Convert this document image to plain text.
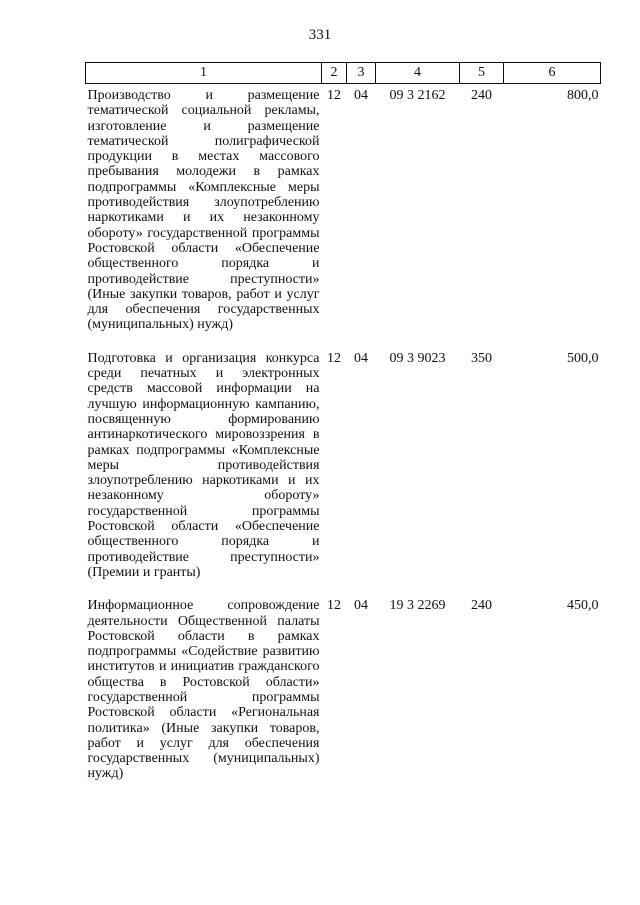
331
1	2	3	4	5	6
Производство и размещение тематической социальной рекламы, изготовление и размещение тематической полиграфической продукции в местах массового пребывания молодежи в рамках подпрограммы «Комплексные меры противодействия злоупотреблению наркотиками и их незаконному обороту» государственной программы Ростовской области «Обеспечение общественного порядка и противодействие преступности» (Иные закупки товаров, работ и услуг для обеспечения государственных (муниципальных) нужд)	12	04	09 3 2162	240	800,0
Подготовка и организация конкурса среди печатных и электронных средств массовой информации на лучшую информационную кампанию, посвященную формированию антинаркотического мировоззрения в рамках подпрограммы «Комплексные меры противодействия злоупотреблению наркотиками и их незаконному обороту» государственной программы Ростовской области «Обеспечение общественного порядка и противодействие преступности» (Премии и гранты)	12	04	09 3 9023	350	500,0
Информационное сопровождение деятельности Общественной палаты Ростовской области в рамках подпрограммы «Содействие развитию институтов и инициатив гражданского общества в Ростовской области» государственной программы Ростовской области «Региональная политика» (Иные закупки товаров, работ и услуг для обеспечения государственных (муниципальных) нужд)	12	04	19 3 2269	240	450,0
